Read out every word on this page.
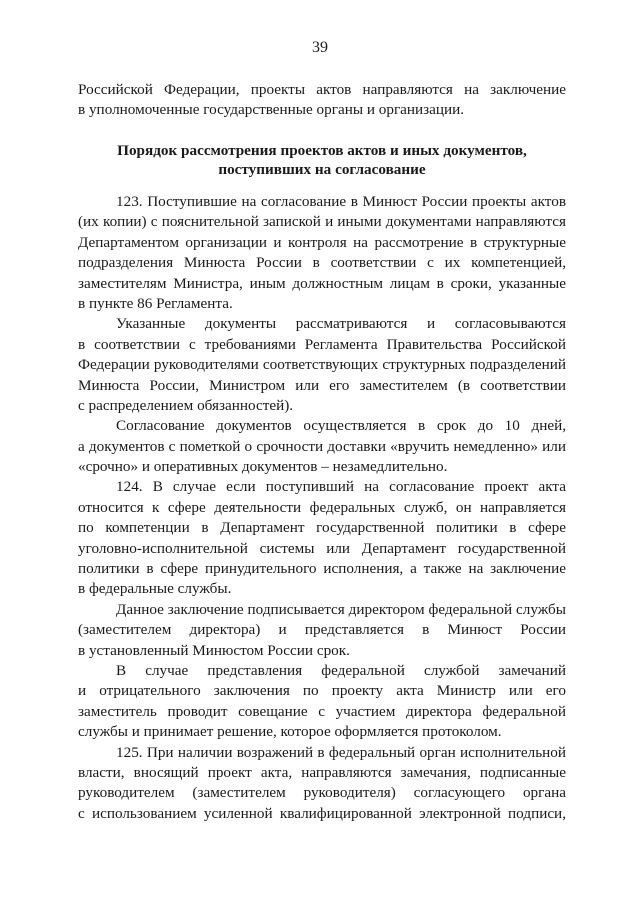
39
Российской Федерации, проекты актов направляются на заключение
в уполномоченные государственные органы и организации.
Порядок рассмотрения проектов актов и иных документов,
поступивших на согласование
123. Поступившие на согласование в Минюст России проекты актов
(их копии) с пояснительной запиской и иными документами направляются
Департаментом организации и контроля на рассмотрение в структурные
подразделения Минюста России в соответствии с их компетенцией,
заместителям Министра, иным должностным лицам в сроки, указанные
в пункте 86 Регламента.
Указанные документы рассматриваются и согласовываются
в соответствии с требованиями Регламента Правительства Российской
Федерации руководителями соответствующих структурных подразделений
Минюста России, Министром или его заместителем (в соответствии
с распределением обязанностей).
Согласование документов осуществляется в срок до 10 дней,
а документов с пометкой о срочности доставки «вручить немедленно» или
«срочно» и оперативных документов – незамедлительно.
124. В случае если поступивший на согласование проект акта
относится к сфере деятельности федеральных служб, он направляется
по компетенции в Департамент государственной политики в сфере
уголовно-исполнительной системы или Департамент государственной
политики в сфере принудительного исполнения, а также на заключение
в федеральные службы.
Данное заключение подписывается директором федеральной службы
(заместителем директора) и представляется в Минюст России
в установленный Минюстом России срок.
В случае представления федеральной службой замечаний
и отрицательного заключения по проекту акта Министр или его
заместитель проводит совещание с участием директора федеральной
службы и принимает решение, которое оформляется протоколом.
125. При наличии возражений в федеральный орган исполнительной
власти, вносящий проект акта, направляются замечания, подписанные
руководителем (заместителем руководителя) согласующего органа
с использованием усиленной квалифицированной электронной подписи,
